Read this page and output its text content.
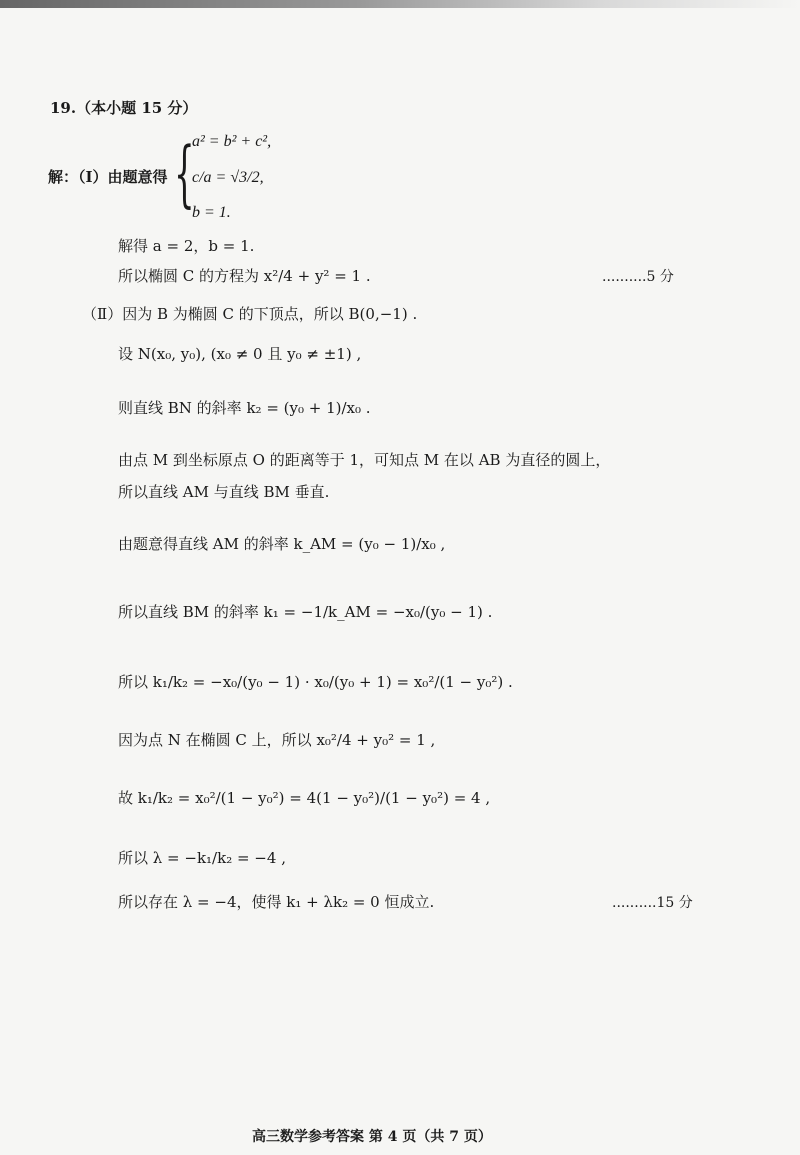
19.（本小题 15 分）
解：（Ⅰ）由题意得 {
a² = b² + c²,
c/a = √3/2,
b = 1.
解得 a = 2，b = 1.
所以椭圆 C 的方程为 x²/4 + y² = 1 .	..........5 分
（Ⅱ）因为 B 为椭圆 C 的下顶点，所以 B(0,−1) .
设 N(x₀, y₀), (x₀ ≠ 0 且 y₀ ≠ ±1) ,
则直线 BN 的斜率 k₂ = (y₀ + 1)/x₀ .
由点 M 到坐标原点 O 的距离等于 1，可知点 M 在以 AB 为直径的圆上，
所以直线 AM 与直线 BM 垂直.
由题意得直线 AM 的斜率 k_AM = (y₀ − 1)/x₀ ,
所以直线 BM 的斜率 k₁ = −1/k_AM = −x₀/(y₀ − 1) .
所以 k₁/k₂ = −x₀/(y₀ − 1) · x₀/(y₀ + 1) = x₀²/(1 − y₀²) .
因为点 N 在椭圆 C 上，所以 x₀²/4 + y₀² = 1 ,
故 k₁/k₂ = x₀²/(1 − y₀²) = 4(1 − y₀²)/(1 − y₀²) = 4 ,
所以 λ = −k₁/k₂ = −4 ,
所以存在 λ = −4，使得 k₁ + λk₂ = 0 恒成立.	..........15 分
高三数学参考答案 第 4 页（共 7 页）
